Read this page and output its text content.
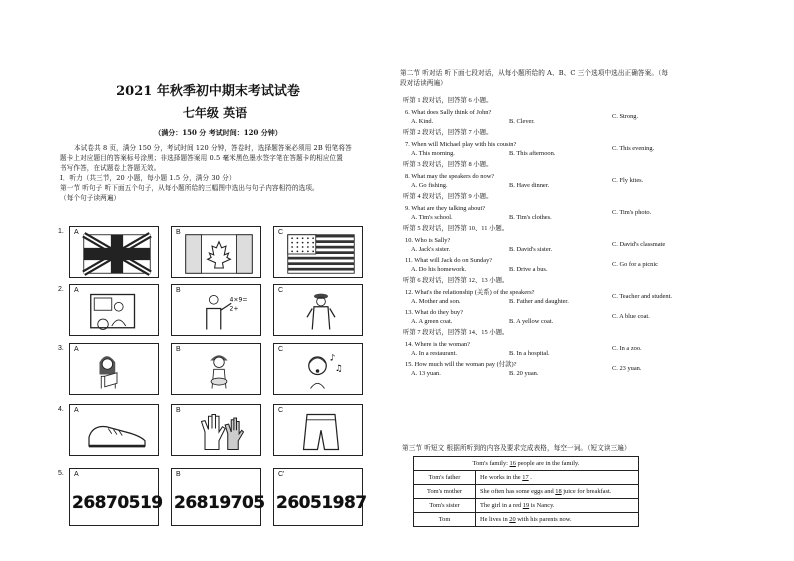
2021 年秋季初中期末考试试卷
七年级 英语
（满分：150 分 考试时间：120 分钟）
本试卷共 8 页，满分 150 分，考试时间 120 分钟，答卷时，选择题答案必须用 2B 铅笔将答
题卡上对应题目的答案标号涂黑；非选择题答案用 0.5 毫米黑色墨水签字笔在答题卡的相应位置
书写作答，在试题卷上答题无效。
I．听力（共三节，20 小题，每小题 1.5 分，满分 30 分）
第一节 听句子 听下面五个句子，从每小题所给的三幅图中选出与句子内容相符的选项。
（每个句子读两遍）
1. A	B	C
2. A	B
4×9=
2+
C
3. A	B	C
♪
♫
4. A	B	C
5. A
26870519
B
26819705
C'
26051987
第二节 听对话 听下面七段对话，从每小题所给的 A、B、C 三个选项中选出正确答案。（每
段对话读两遍）
听第 1 段对话，回答第 6 小题。
6. What does Sally think of John?
A. Kind.	B. Clever.
C. Strong.
听第 2 段对话，回答第 7 小题。
7. When will Michael play with his cousin?
A. This morning.	B. This afternoon.
C. This evening.
听第 3 段对话，回答第 8 小题。
8. What may the speakers do now?
A. Go fishing.	B. Have dinner.
C. Fly kites.
听第 4 段对话，回答第 9 小题。
9. What are they talking about?
A. Tim's school.	B. Tim's clothes.
C. Tim's photo.
听第 5 段对话，回答第 10、11 小题。
10. Who is Sally?
A. Jack's sister.	B. David's sister.
C. David's classmate
11. What will Jack do on Sunday?
A. Do his homework.	B. Drive a bus.
C. Go for a picnic
听第 6 段对话，回答第 12、13 小题。
12. What's the relationship (关系) of the speakers?
A. Mother and son.	B. Father and daughter.
C. Teacher and student.
13. What do they buy?
A. A green coat.	B. A yellow coat.
C. A blue coat.
听第 7 段对话，回答第 14、15 小题。
14. Where is the woman?
A. In a restaurant.	B. In a hospital.
C. In a zoo.
15. How much will the woman pay (付款)?
A. 13 yuan.	B. 20 yuan.
C. 23 yuan.
第三节 听短文 根据所听到的内容及要求完成表格，每空一词。（短文读三遍）
Tom's family: 16 people are in the family.	
Tom's father	He works in the 17 .
Tom's mother	She often has some eggs and 18 juice for breakfast.
Tom's sister	The girl in a red 19 is Nancy.
Tom	He lives in 20 with his parents now.
